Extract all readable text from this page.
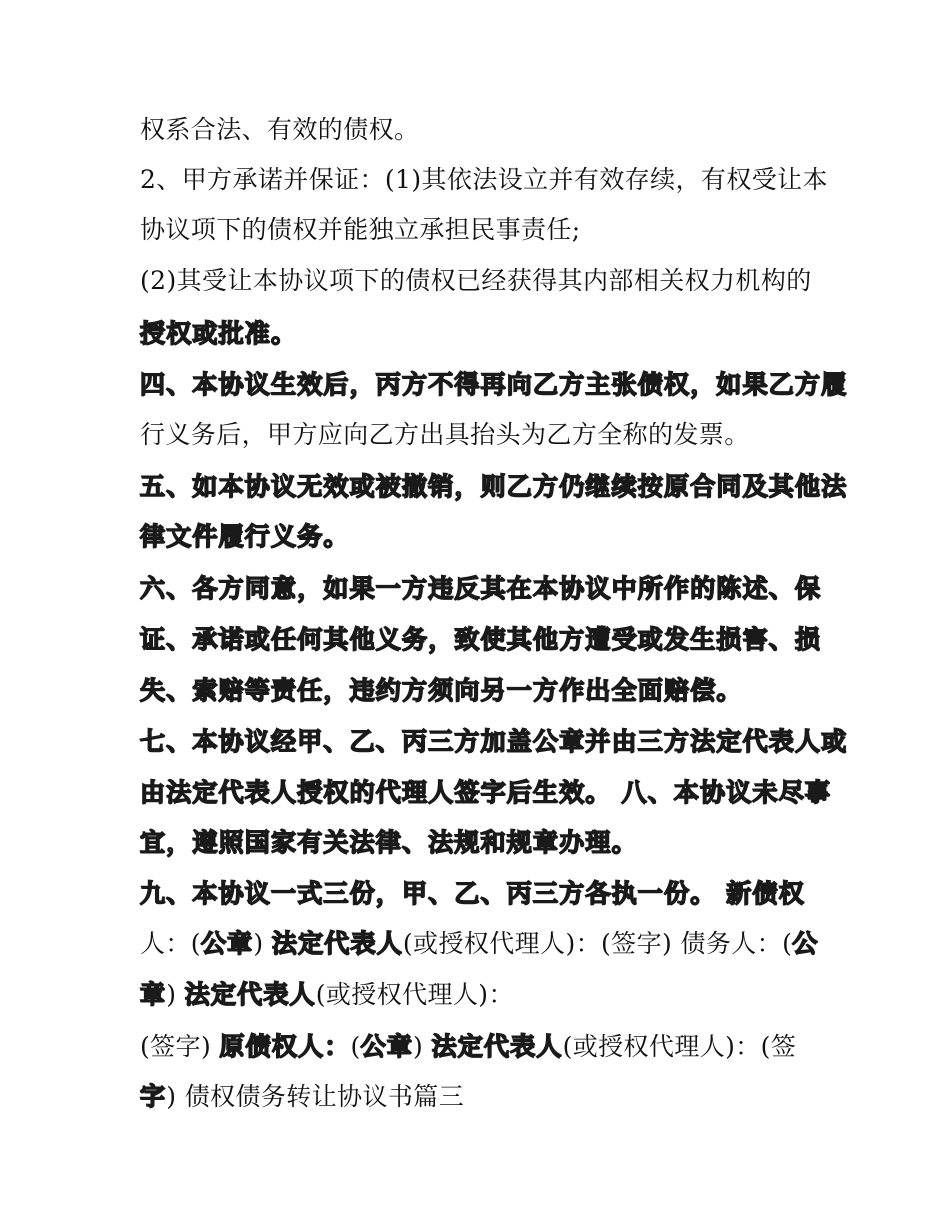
权系合法、有效的债权。
2、甲方承诺并保证：(1)其依法设立并有效存续，有权受让本
协议项下的债权并能独立承担民事责任;
(2)其受让本协议项下的债权已经获得其内部相关权力机构的
授权或批准。
四、本协议生效后，丙方不得再向乙方主张债权，如果乙方履
行义务后，甲方应向乙方出具抬头为乙方全称的发票。
五、如本协议无效或被撤销，则乙方仍继续按原合同及其他法
律文件履行义务。
六、各方同意，如果一方违反其在本协议中所作的陈述、保
证、承诺或任何其他义务，致使其他方遭受或发生损害、损
失、索赔等责任，违约方须向另一方作出全面赔偿。
七、本协议经甲、乙、丙三方加盖公章并由三方法定代表人或
由法定代表人授权的代理人签字后生效。 八、本协议未尽事
宜，遵照国家有关法律、法规和规章办理。
九、本协议一式三份，甲、乙、丙三方各执一份。 新债权
人：(公章) 法定代表人(或授权代理人)：(签字) 债务人：(公
章) 法定代表人(或授权代理人)：
(签字) 原债权人：(公章) 法定代表人(或授权代理人)：(签
字) 债权债务转让协议书篇三
